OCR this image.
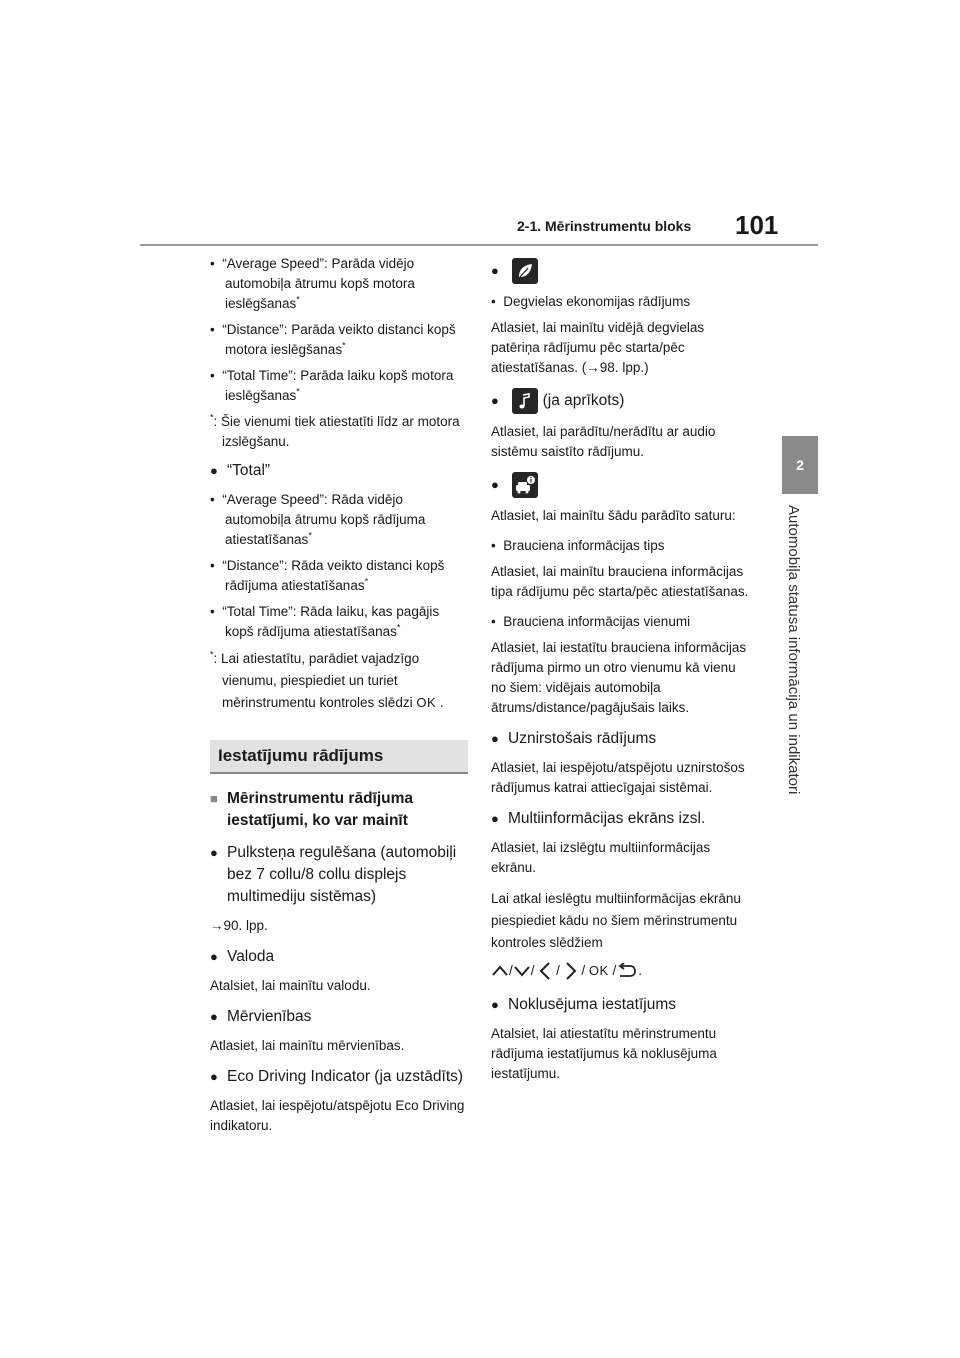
2-1. Mērinstrumentu bloks 101
2
Automobiļa statusa informācija un indikatori
•  “Average Speed”: Parāda vidējo automobiļa ātrumu kopš motora ieslēgšanas*
•  “Distance”: Parāda veikto distanci kopš motora ieslēgšanas*
•  “Total Time”: Parāda laiku kopš motora ieslēgšanas*
*: Šie vienumi tiek atiestatīti līdz ar motora izslēgšanu.
● “Total”
•  “Average Speed”: Rāda vidējo automobiļa ātrumu kopš rādījuma atiestatīšanas*
•  “Distance”: Rāda veikto distanci kopš rādījuma atiestatīšanas*
•  “Total Time”: Rāda laiku, kas pagājis kopš rādījuma atiestatīšanas*
*: Lai atiestatītu, parādiet vajadzīgo vienumu, piespiediet un turiet mērinstrumentu kontroles slēdzi OK .
Iestatījumu rādījums
■ Mērinstrumentu rādījuma iestatījumi, ko var mainīt
● Pulksteņa regulēšana (automobiļi bez 7 collu/8 collu displejs multimediju sistēmas)
→90. lpp.
● Valoda
Atalsiet, lai mainītu valodu.
● Mērvienības
Atlasiet, lai mainītu mērvienības.
● Eco Driving Indicator (ja uzstādīts)
Atlasiet, lai iespējotu/atspējotu Eco Driving indikatoru.
●
•  Degvielas ekonomijas rādījums
Atlasiet, lai mainītu vidējā degvielas patēriņa rādījumu pēc starta/pēc atiestatīšanas. (→98. lpp.)

● (ja aprīkots)
Atlasiet, lai parādītu/nerādītu ar audio sistēmu saistīto rādījumu.
●
Atlasiet, lai mainītu šādu parādīto saturu:
•  Brauciena informācijas tips
Atlasiet, lai mainītu brauciena informācijas tipa rādījumu pēc starta/pēc atiestatīšanas.
•  Brauciena informācijas vienumi
Atlasiet, lai iestatītu brauciena informācijas rādījuma pirmo un otro vienumu kā vienu no šiem: vidējais automobiļa ātrums/distance/pagājušais laiks.
● Uznirstošais rādījums
Atlasiet, lai iespējotu/atspējotu uznirstošos rādījumus katrai attiecīgajai sistēmai.
● Multiinformācijas ekrāns izsl.
Atlasiet, lai izslēgtu multiinformācijas ekrānu.
Lai atkal ieslēgtu multiinformācijas ekrānu piespiediet kādu no šiem mērinstrumentu kontroles slēdžiem
/ / / / OK / .
● Noklusējuma iestatījums
Atalsiet, lai atiestatītu mērinstrumentu rādījuma iestatījumus kā noklusējuma iestatījumu.
